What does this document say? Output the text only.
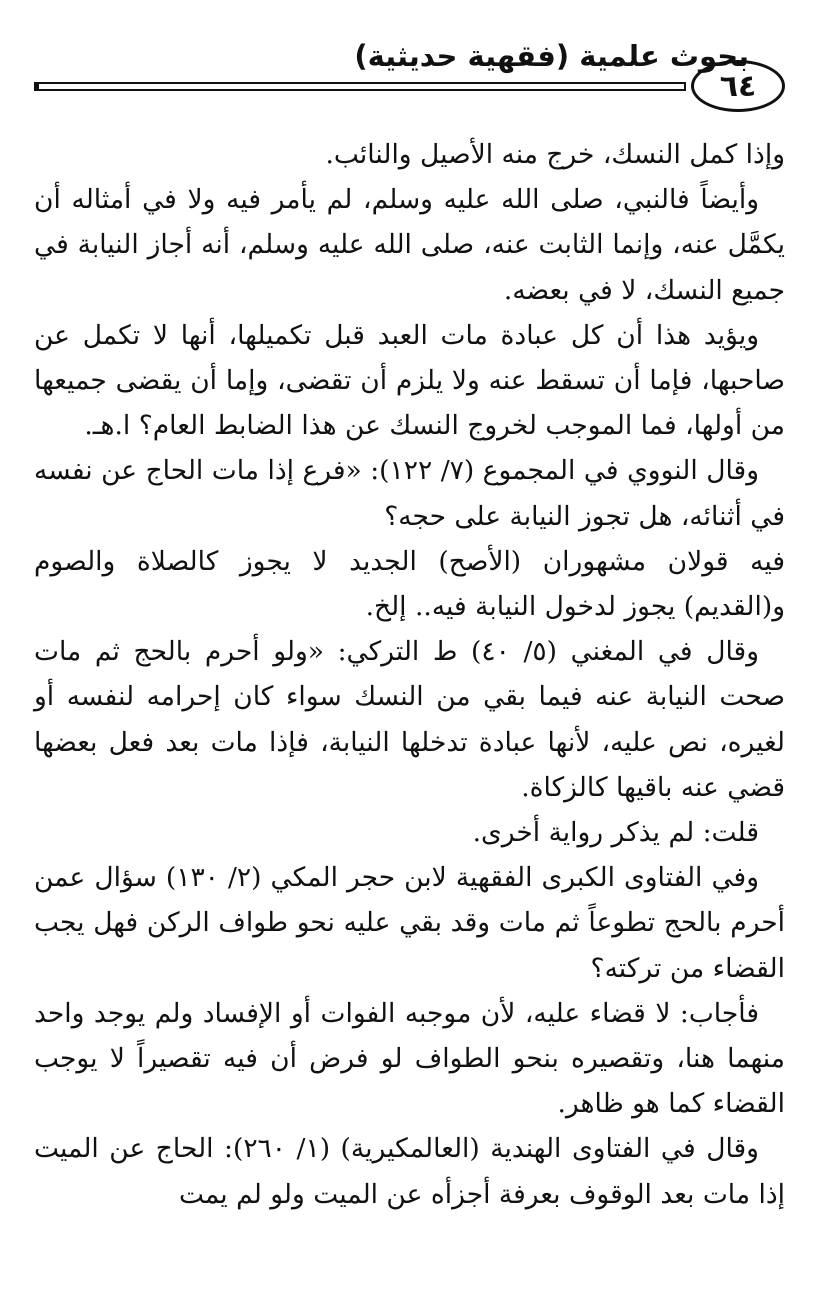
بحوث علمية (فقهية حديثية)
٦٤

وإذا كمل النسك، خرج منه الأصيل والنائب.

وأيضاً فالنبي، صلى الله عليه وسلم، لم يأمر فيه ولا في أمثاله أن يكمَّل عنه، وإنما الثابت عنه، صلى الله عليه وسلم، أنه أجاز النيابة في جميع النسك، لا في بعضه.

ويؤيد هذا أن كل عبادة مات العبد قبل تكميلها، أنها لا تكمل عن صاحبها، فإما أن تسقط عنه ولا يلزم أن تقضى، وإما أن يقضى جميعها من أولها، فما الموجب لخروج النسك عن هذا الضابط العام؟ ا.هـ.

وقال النووي في المجموع (٧/ ١٢٢): «فرع إذا مات الحاج عن نفسه في أثنائه، هل تجوز النيابة على حجه؟

فيه قولان مشهوران (الأصح) الجديد لا يجوز كالصلاة والصوم و(القديم) يجوز لدخول النيابة فيه.. إلخ.

وقال في المغني (٥/ ٤٠) ط التركي: «ولو أحرم بالحج ثم مات صحت النيابة عنه فيما بقي من النسك سواء كان إحرامه لنفسه أو لغيره، نص عليه، لأنها عبادة تدخلها النيابة، فإذا مات بعد فعل بعضها قضي عنه باقيها كالزكاة.

قلت: لم يذكر رواية أخرى.

وفي الفتاوى الكبرى الفقهية لابن حجر المكي (٢/ ١٣٠) سؤال عمن أحرم بالحج تطوعاً ثم مات وقد بقي عليه نحو طواف الركن فهل يجب القضاء من تركته؟

فأجاب: لا قضاء عليه، لأن موجبه الفوات أو الإفساد ولم يوجد واحد منهما هنا، وتقصيره بنحو الطواف لو فرض أن فيه تقصيراً لا يوجب القضاء كما هو ظاهر.

وقال في الفتاوى الهندية (العالمكيرية) (١/ ٢٦٠): الحاج عن الميت إذا مات بعد الوقوف بعرفة أجزأه عن الميت ولو لم يمت
